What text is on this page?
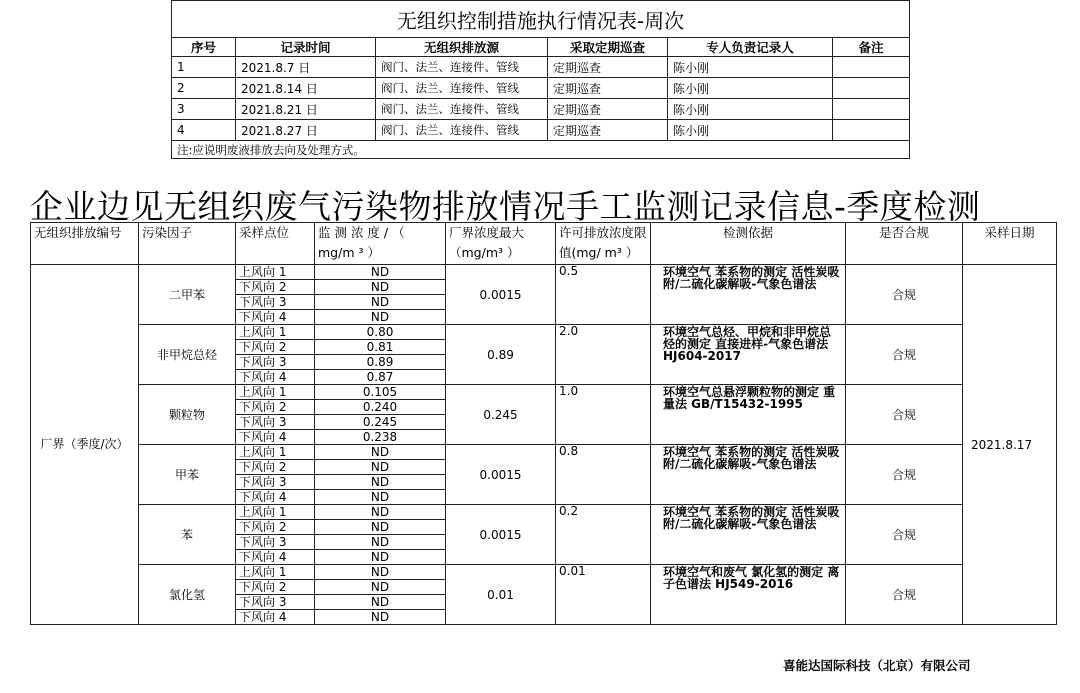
无组织控制措施执行情况表-周次					
序号	记录时间	无组织排放源	采取定期巡查	专人负责记录人	备注
1	2021.8.7 日	阀门、法兰、连接件、管线	定期巡查	陈小刚	
2	2021.8.14 日	阀门、法兰、连接件、管线	定期巡查	陈小刚	
3	2021.8.21 日	阀门、法兰、连接件、管线	定期巡查	陈小刚	
4	2021.8.27 日	阀门、法兰、连接件、管线	定期巡查	陈小刚	
注:应说明废液排放去向及处理方式。					
企业边见无组织废气污染物排放情况手工监测记录信息-季度检测
无组织排放编号	污染因子	采样点位	监 测 浓 度 / （ mg/m ³ ）	厂界浓度最大（mg/m³ ）	许可排放浓度限值(mg/ m³ ）	检测依据	是否合规	采样日期
厂界（季度/次）	二甲苯	上风向 1	ND	0.0015	0.5	环境空气 苯系物的测定 活性炭吸附/二硫化碳解吸-气象色谱法	合规	2021.8.17
		下风向 2	ND					
		下风向 3	ND					
		下风向 4	ND					
	非甲烷总烃	上风向 1	0.80	0.89	2.0	环境空气总烃、甲烷和非甲烷总烃的测定 直接进样-气象色谱法 HJ604-2017	合规	
		下风向 2	0.81					
		下风向 3	0.89					
		下风向 4	0.87					
	颗粒物	上风向 1	0.105	0.245	1.0	环境空气总悬浮颗粒物的测定 重量法 GB/T15432-1995	合规	
		下风向 2	0.240					
		下风向 3	0.245					
		下风向 4	0.238					
	甲苯	上风向 1	ND	0.0015	0.8	环境空气 苯系物的测定 活性炭吸附/二硫化碳解吸-气象色谱法	合规	
		下风向 2	ND					
		下风向 3	ND					
		下风向 4	ND					
	苯	上风向 1	ND	0.0015	0.2	环境空气 苯系物的测定 活性炭吸附/二硫化碳解吸-气象色谱法	合规	
		下风向 2	ND					
		下风向 3	ND					
		下风向 4	ND					
	氯化氢	上风向 1	ND	0.01	0.01	环境空气和废气 氯化氢的测定 离子色谱法 HJ549-2016	合规	
		下风向 2	ND					
		下风向 3	ND					
		下风向 4	ND					
喜能达国际科技（北京）有限公司
